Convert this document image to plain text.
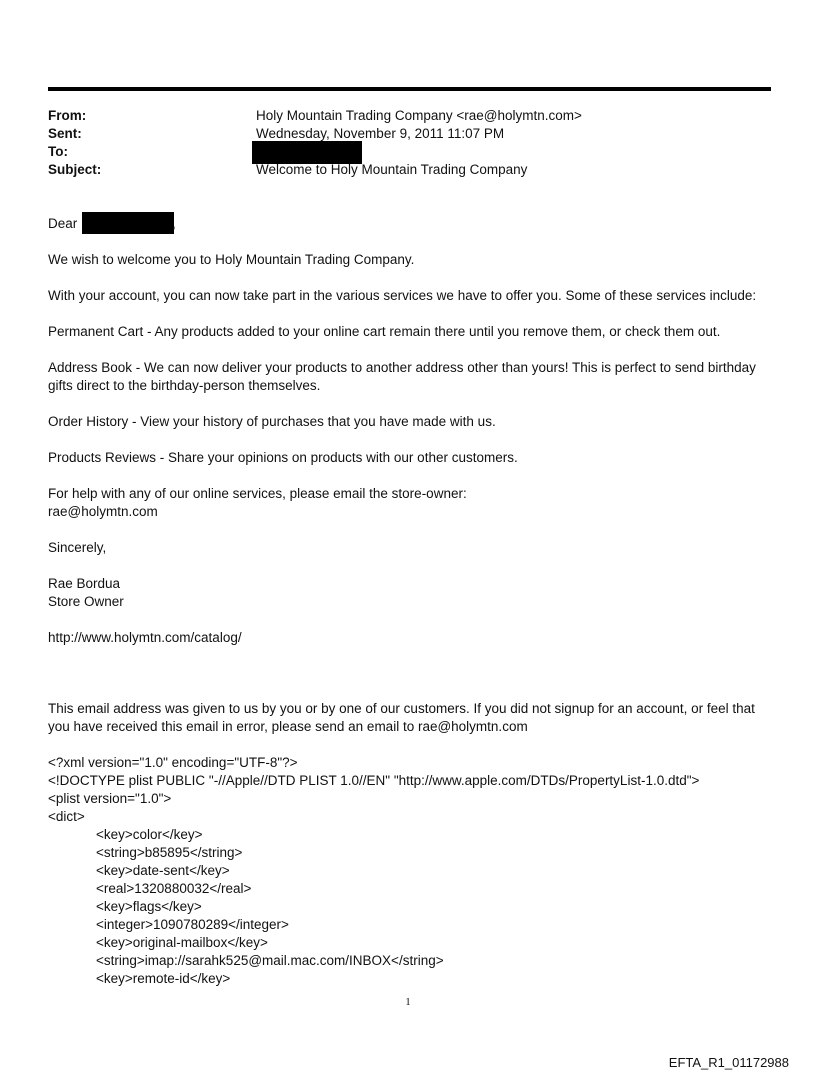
From:	Holy Mountain Trading Company <rae@holymtn.com>
Sent:	Wednesday, November 9, 2011 11:07 PM
To:
Subject:	Welcome to Holy Mountain Trading Company
Dear	,
We wish to welcome you to Holy Mountain Trading Company.
With your account, you can now take part in the various services we have to offer you. Some of these services include:
Permanent Cart - Any products added to your online cart remain there until you remove them, or check them out.
Address Book - We can now deliver your products to another address other than yours! This is perfect to send birthday
gifts direct to the birthday-person themselves.
Order History - View your history of purchases that you have made with us.
Products Reviews - Share your opinions on products with our other customers.
For help with any of our online services, please email the store-owner:
rae@holymtn.com
Sincerely,
Rae Bordua
Store Owner
http://www.holymtn.com/catalog/
This email address was given to us by you or by one of our customers. If you did not signup for an account, or feel that
you have received this email in error, please send an email to rae@holymtn.com
<?xml version="1.0" encoding="UTF-8"?>
<!DOCTYPE plist PUBLIC "-//Apple//DTD PLIST 1.0//EN" "http://www.apple.com/DTDs/PropertyList-1.0.dtd">
<plist version="1.0">
<dict>
<key>color</key>
<string>b85895</string>
<key>date-sent</key>
<real>1320880032</real>
<key>flags</key>
<integer>1090780289</integer>
<key>original-mailbox</key>
<string>imap://sarahk525@mail.mac.com/INBOX</string>
<key>remote-id</key>
1
EFTA_R1_01172988
